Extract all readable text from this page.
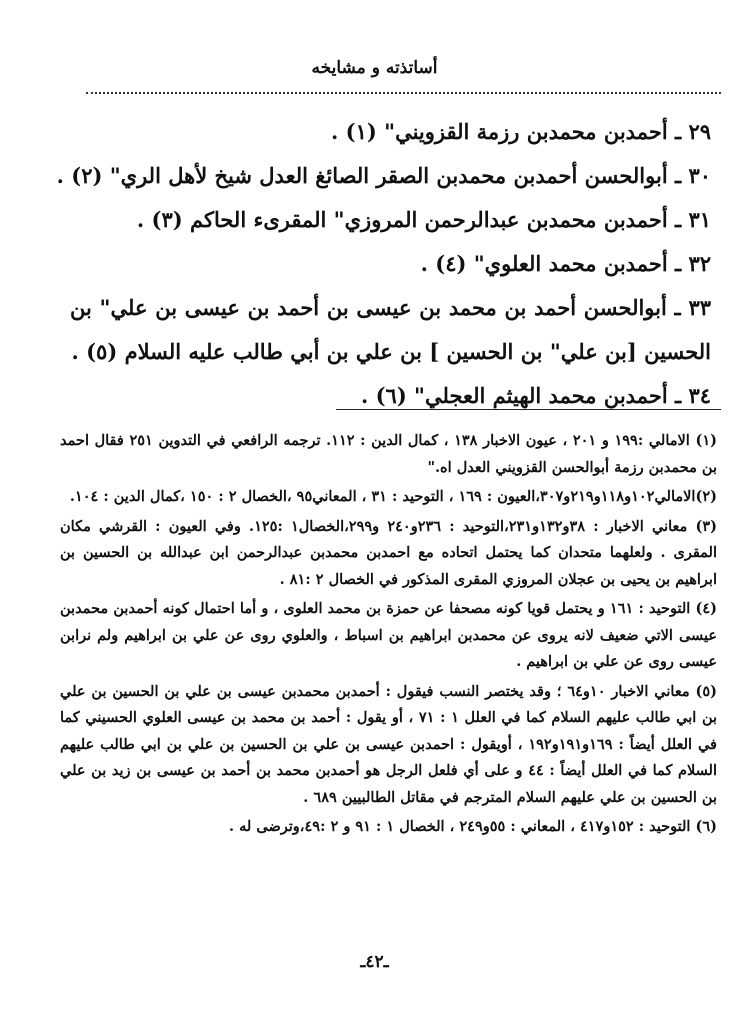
أساتذته و مشايخه
٢٩ ـ أحمدبن محمدبن رزمة القزويني" (١) .
٣٠ ـ أبوالحسن أحمدبن محمدبن الصقر الصائغ العدل شيخ لأهل الري" (٢) .
٣١ ـ أحمدبن محمدبن عبدالرحمن المروزي" المقرىء الحاكم (٣) .
٣٢ ـ أحمدبن محمد العلوي" (٤) .
٣٣ ـ أبوالحسن أحمد بن محمد بن عيسى بن أحمد بن عيسى بن علي" بن الحسين [بن علي" بن الحسين ] بن علي بن أبي طالب عليه السلام (٥) .
٣٤ ـ أحمدبن محمد الهيثم العجلي" (٦) .
(١) الامالي :١٩٩ و ٢٠١ ، عيون الاخبار ١٣٨ ، كمال الدين : ١١٢. ترجمه الرافعي في التدوين ٢٥١ فقال احمد بن محمدبن رزمة أبوالحسن القزويني العدل اه."
(٢)الامالي١٠٢و١١٨و٢١٩و٣٠٧،العيون : ١٦٩ ، التوحيد : ٣١ ، المعاني٩٥ ،الخصال ٢ : ١٥٠ ،كمال الدين : ١٠٤.
(٣) معاني الاخبار : ٣٨و١٣٢و٢٣١،التوحيد : ٢٣٦و٢٤٠ و٢٩٩،الخصال١ :١٢٥. وفي العيون : القرشي مكان المقرى . ولعلهما متحدان كما يحتمل اتحاده مع احمدبن محمدبن عبدالرحمن ابن عبدالله بن الحسين بن ابراهيم بن يحيى بن عجلان المروزي المقرى المذكور في الخصال ٢ :٨١ .
(٤) التوحيد : ١٦١ و يحتمل قويا كونه مصحفا عن حمزة بن محمد العلوى ، و أما احتمال كونه أحمدبن محمدبن عيسى الاتي ضعيف لانه يروى عن محمدبن ابراهيم بن اسباط ، والعلوي روى عن علي بن ابراهيم ولم نرابن عيسى روى عن علي بن ابراهيم .
(٥) معاني الاخبار ١٠و٦٤ ؛ وقد يختصر النسب فيقول : أحمدبن محمدبن عيسى بن علي بن الحسين بن علي بن ابي طالب عليهم السلام كما في العلل ١ : ٧١ ، أو يقول : أحمد بن محمد بن عيسى العلوي الحسيني كما في العلل أيضاً : ١٦٩و١٩١و١٩٢ ، أويقول : احمدبن عيسى بن علي بن الحسين بن علي بن ابي طالب عليهم السلام كما في العلل أيضاً : ٤٤ و على أي فلعل الرجل هو أحمدبن محمد بن أحمد بن عيسى بن زيد بن علي بن الحسين بن علي عليهم السلام المترجم في مقاتل الطالبيين ٦٨٩ .
(٦) التوحيد : ١٥٢و٤١٧ ، المعاني : ٥٥و٢٤٩ ، الخصال ١ : ٩١ و ٢ :٤٩،وترضى له .
ـ٤٢ـ
